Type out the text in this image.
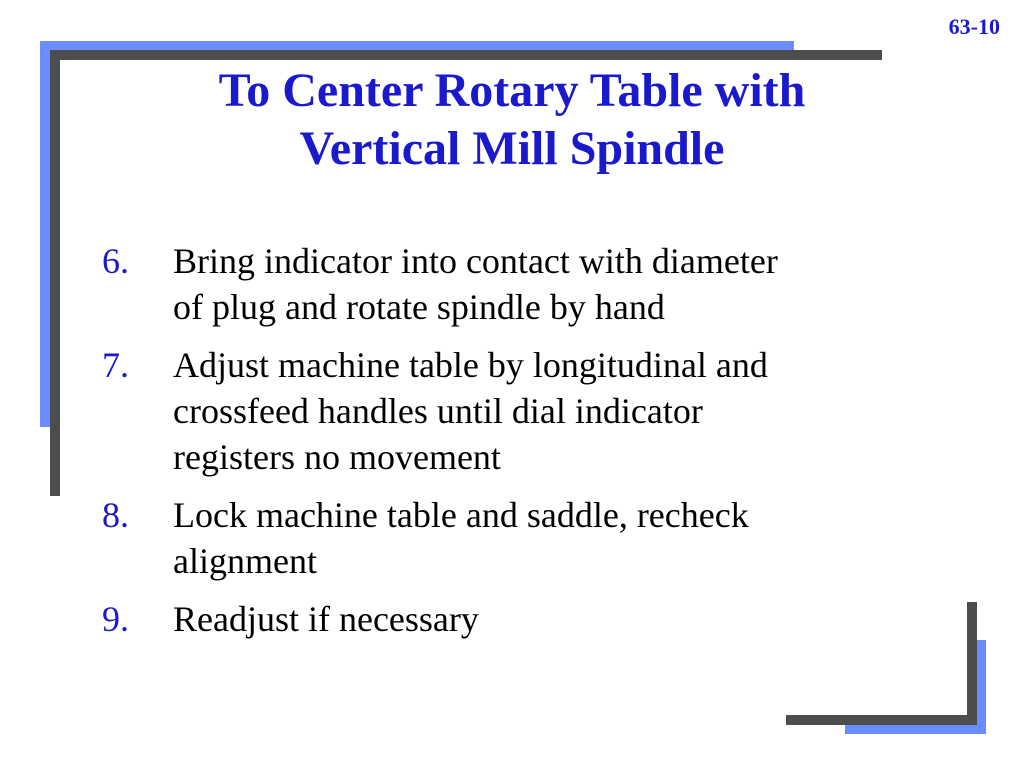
63-10
To Center Rotary Table with
Vertical Mill Spindle
6.	Bring indicator into contact with diameter
of plug and rotate spindle by hand
7.	Adjust machine table by longitudinal and
crossfeed handles until dial indicator
registers no movement
8.	Lock machine table and saddle, recheck
alignment
9.	Readjust if necessary
